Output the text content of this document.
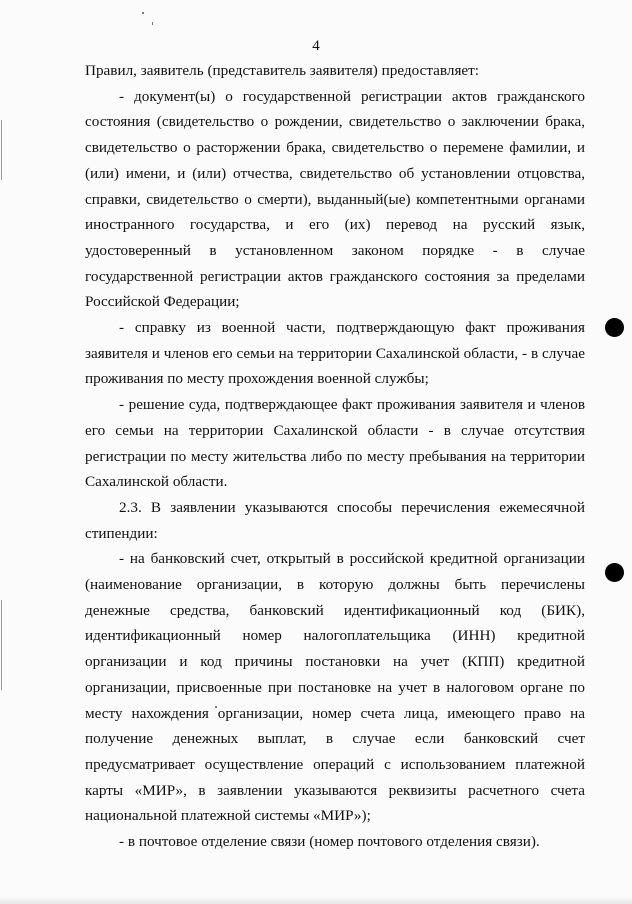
4

Правил, заявитель (представитель заявителя) предоставляет:

- документ(ы) о государственной регистрации актов гражданского состояния (свидетельство о рождении, свидетельство о заключении брака, свидетельство о расторжении брака, свидетельство о перемене фамилии, и (или) имени, и (или) отчества, свидетельство об установлении отцовства, справки, свидетельство о смерти), выданный(ые) компетентными органами иностранного государства, и его (их) перевод на русский язык, удостоверенный в установленном законом порядке - в случае государственной регистрации актов гражданского состояния за пределами Российской Федерации;

- справку из военной части, подтверждающую факт проживания заявителя и членов его семьи на территории Сахалинской области, - в случае проживания по месту прохождения военной службы;

- решение суда, подтверждающее факт проживания заявителя и членов его семьи на территории Сахалинской области - в случае отсутствия регистрации по месту жительства либо по месту пребывания на территории Сахалинской области.

2.3. В заявлении указываются способы перечисления ежемесячной стипендии:

- на банковский счет, открытый в российской кредитной организации (наименование организации, в которую должны быть перечислены денежные средства, банковский идентификационный код (БИК), идентификационный номер налогоплательщика (ИНН) кредитной организации и код причины постановки на учет (КПП) кредитной организации, присвоенные при постановке на учет в налоговом органе по месту нахождения организации, номер счета лица, имеющего право на получение денежных выплат, в случае если банковский счет предусматривает осуществление операций с использованием платежной карты «МИР», в заявлении указываются реквизиты расчетного счета национальной платежной системы «МИР»);

- в почтовое отделение связи (номер почтового отделения связи).
